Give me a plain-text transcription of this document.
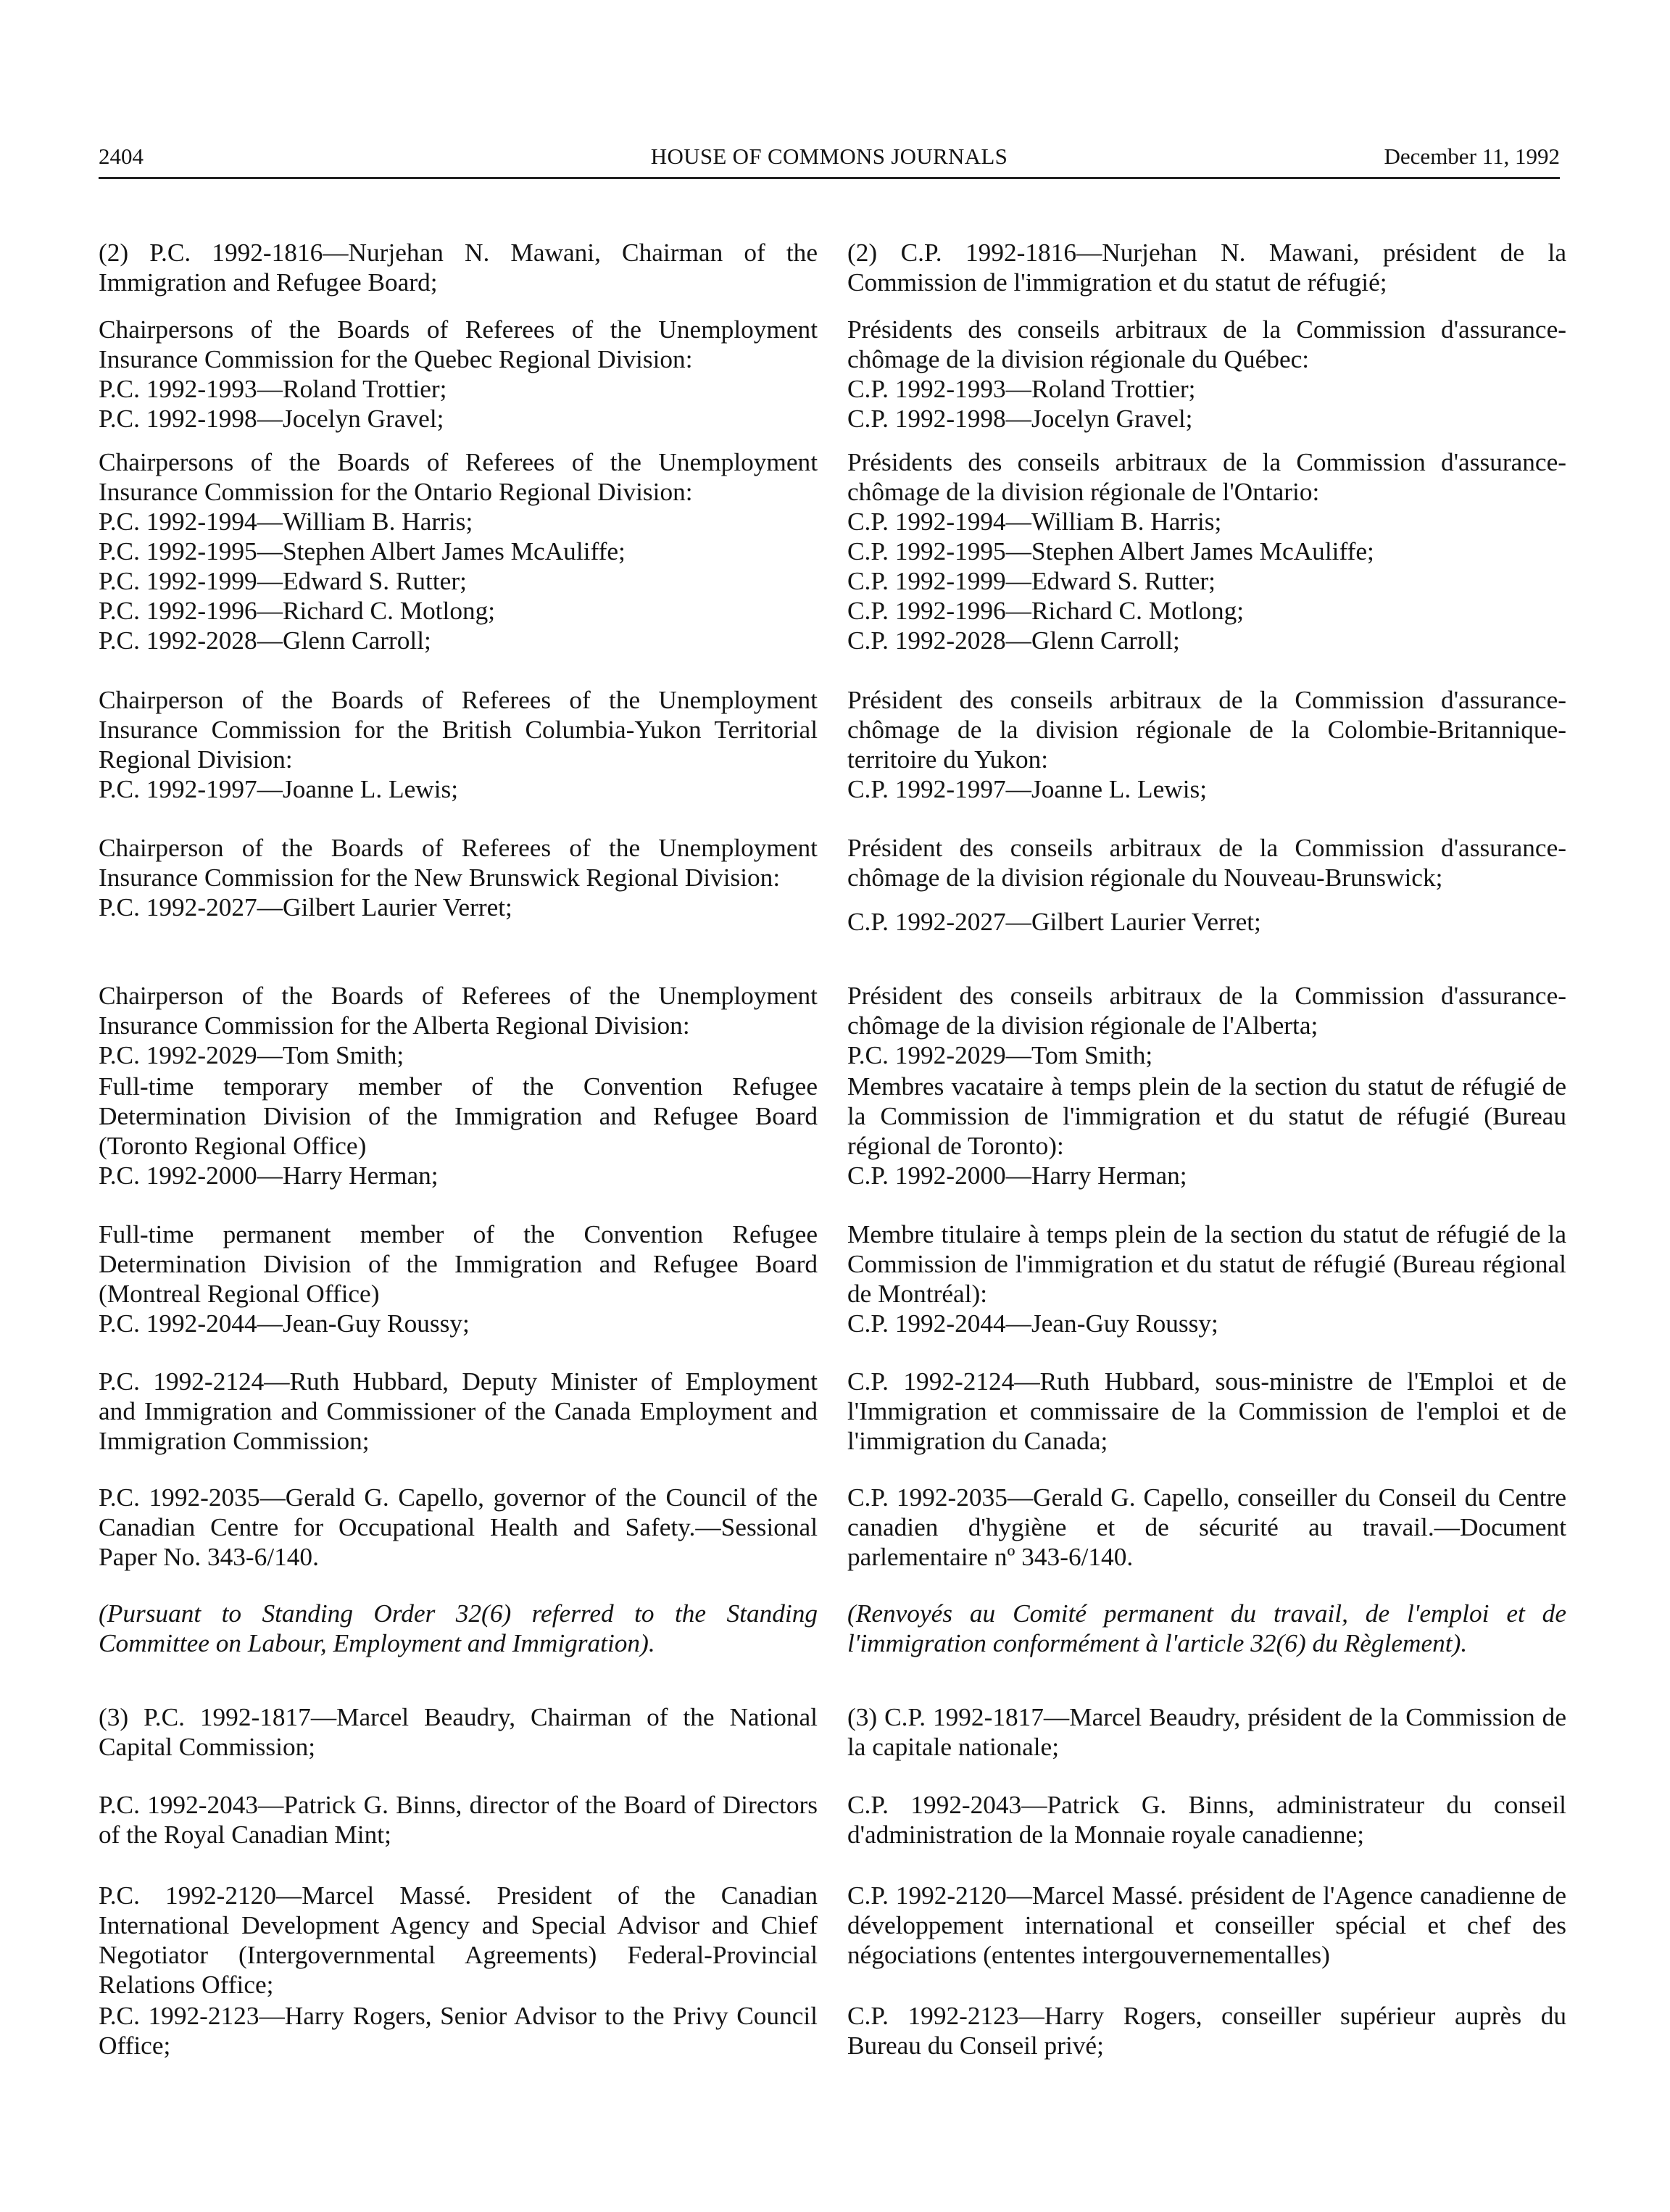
2404	HOUSE OF COMMONS JOURNALS	December 11, 1992

(2) P.C. 1992-1816—Nurjehan N. Mawani, Chairman of the Immigration and Refugee Board;

Chairpersons of the Boards of Referees of the Unemployment Insurance Commission for the Quebec Regional Division:

P.C. 1992-1993—Roland Trottier;

P.C. 1992-1998—Jocelyn Gravel;

Chairpersons of the Boards of Referees of the Unemployment Insurance Commission for the Ontario Regional Division:

P.C. 1992-1994—William B. Harris;

P.C. 1992-1995—Stephen Albert James McAuliffe;

P.C. 1992-1999—Edward S. Rutter;

P.C. 1992-1996—Richard C. Motlong;

P.C. 1992-2028—Glenn Carroll;

Chairperson of the Boards of Referees of the Unemployment Insurance Commission for the British Columbia-Yukon Territorial Regional Division:

P.C. 1992-1997—Joanne L. Lewis;

Chairperson of the Boards of Referees of the Unemployment Insurance Commission for the New Brunswick Regional Division:

P.C. 1992-2027—Gilbert Laurier Verret;

Chairperson of the Boards of Referees of the Unemployment Insurance Commission for the Alberta Regional Division:

P.C. 1992-2029—Tom Smith;

Full-time temporary member of the Convention Refugee Determination Division of the Immigration and Refugee Board (Toronto Regional Office)

P.C. 1992-2000—Harry Herman;

Full-time permanent member of the Convention Refugee Determination Division of the Immigration and Refugee Board (Montreal Regional Office)

P.C. 1992-2044—Jean-Guy Roussy;

P.C. 1992-2124—Ruth Hubbard, Deputy Minister of Employment and Immigration and Commissioner of the Canada Employment and Immigration Commission;

P.C. 1992-2035—Gerald G. Capello, governor of the Council of the Canadian Centre for Occupational Health and Safety.—Sessional Paper No. 343-6/140.

(Pursuant to Standing Order 32(6) referred to the Standing Committee on Labour, Employment and Immigration).

(3) P.C. 1992-1817—Marcel Beaudry, Chairman of the National Capital Commission;

P.C. 1992-2043—Patrick G. Binns, director of the Board of Directors of the Royal Canadian Mint;

P.C. 1992-2120—Marcel Massé. President of the Canadian International Development Agency and Special Advisor and Chief Negotiator (Intergovernmental Agreements) Federal-Provincial Relations Office;

P.C. 1992-2123—Harry Rogers, Senior Advisor to the Privy Council Office;

(2) C.P. 1992-1816—Nurjehan N. Mawani, président de la Commission de l'immigration et du statut de réfugié;

Présidents des conseils arbitraux de la Commission d'assurance-chômage de la division régionale du Québec:

C.P. 1992-1993—Roland Trottier;

C.P. 1992-1998—Jocelyn Gravel;

Présidents des conseils arbitraux de la Commission d'assurance-chômage de la division régionale de l'Ontario:

C.P. 1992-1994—William B. Harris;

C.P. 1992-1995—Stephen Albert James McAuliffe;

C.P. 1992-1999—Edward S. Rutter;

C.P. 1992-1996—Richard C. Motlong;

C.P. 1992-2028—Glenn Carroll;

Président des conseils arbitraux de la Commission d'assurance-chômage de la division régionale de la Colombie-Britannique-territoire du Yukon:

C.P. 1992-1997—Joanne L. Lewis;

Président des conseils arbitraux de la Commission d'assurance-chômage de la division régionale du Nouveau-Brunswick;

C.P. 1992-2027—Gilbert Laurier Verret;

Président des conseils arbitraux de la Commission d'assurance-chômage de la division régionale de l'Alberta;

P.C. 1992-2029—Tom Smith;

Membres vacataire à temps plein de la section du statut de réfugié de la Commission de l'immigration et du statut de réfugié (Bureau régional de Toronto):

C.P. 1992-2000—Harry Herman;

Membre titulaire à temps plein de la section du statut de réfugié de la Commission de l'immigration et du statut de réfugié (Bureau régional de Montréal):

C.P. 1992-2044—Jean-Guy Roussy;

C.P. 1992-2124—Ruth Hubbard, sous-ministre de l'Emploi et de l'Immigration et commissaire de la Commission de l'emploi et de l'immigration du Canada;

C.P. 1992-2035—Gerald G. Capello, conseiller du Conseil du Centre canadien d'hygiène et de sécurité au travail.—Document parlementaire nº 343-6/140.

(Renvoyés au Comité permanent du travail, de l'emploi et de l'immigration conformément à l'article 32(6) du Règlement).

(3) C.P. 1992-1817—Marcel Beaudry, président de la Commission de la capitale nationale;

C.P. 1992-2043—Patrick G. Binns, administrateur du conseil d'administration de la Monnaie royale canadienne;

C.P. 1992-2120—Marcel Massé. président de l'Agence canadienne de développement international et conseiller spécial et chef des négociations (ententes intergouvernementalles)

C.P. 1992-2123—Harry Rogers, conseiller supérieur auprès du Bureau du Conseil privé;
